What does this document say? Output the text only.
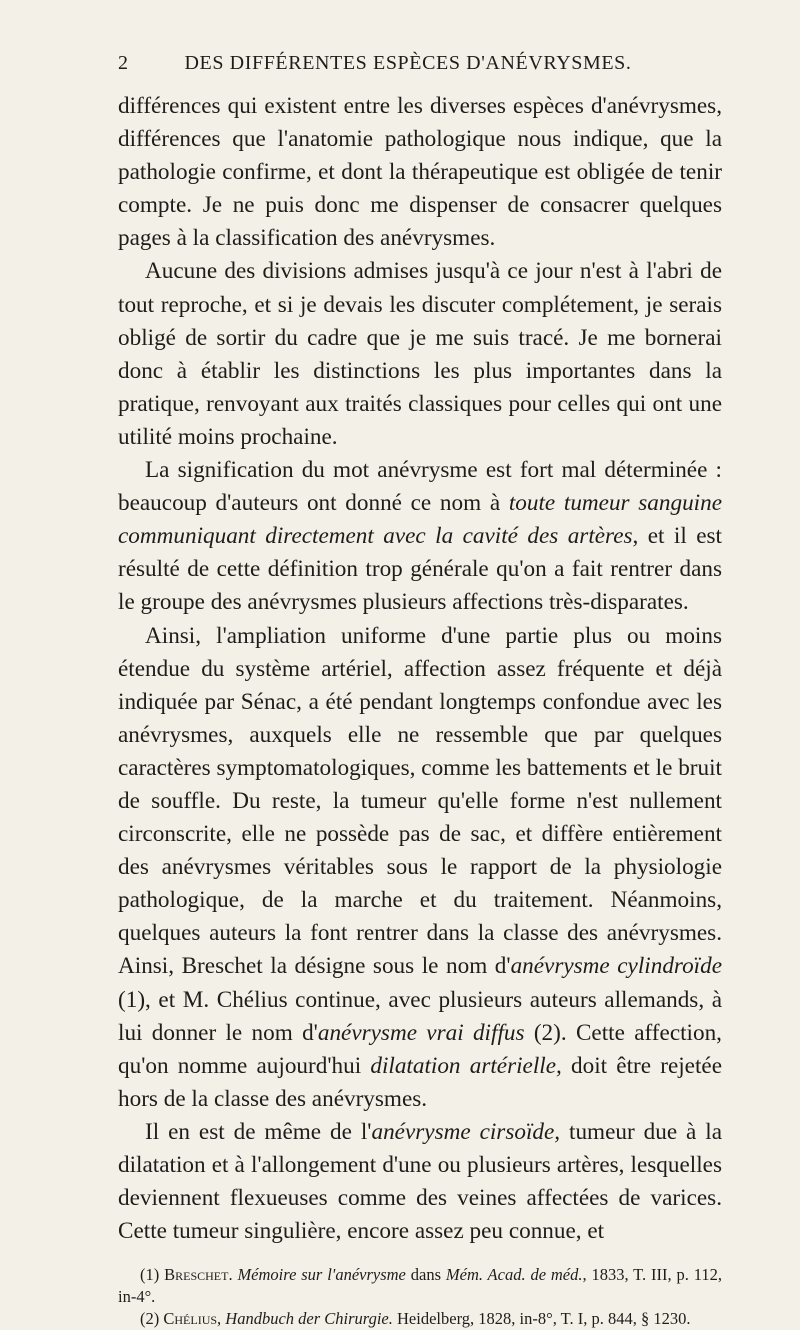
2	DES DIFFÉRENTES ESPÈCES D'ANÉVRYSMES.

différences qui existent entre les diverses espèces d'anévrysmes, différences que l'anatomie pathologique nous indique, que la pathologie confirme, et dont la thérapeutique est obligée de tenir compte. Je ne puis donc me dispenser de consacrer quelques pages à la classification des anévrysmes.

Aucune des divisions admises jusqu'à ce jour n'est à l'abri de tout reproche, et si je devais les discuter complétement, je serais obligé de sortir du cadre que je me suis tracé. Je me bornerai donc à établir les distinctions les plus importantes dans la pratique, renvoyant aux traités classiques pour celles qui ont une utilité moins prochaine.

La signification du mot anévrysme est fort mal déterminée : beaucoup d'auteurs ont donné ce nom à toute tumeur sanguine communiquant directement avec la cavité des artères, et il est résulté de cette définition trop générale qu'on a fait rentrer dans le groupe des anévrysmes plusieurs affections très-disparates.

Ainsi, l'ampliation uniforme d'une partie plus ou moins étendue du système artériel, affection assez fréquente et déjà indiquée par Sénac, a été pendant longtemps confondue avec les anévrysmes, auxquels elle ne ressemble que par quelques caractères symptomatologiques, comme les battements et le bruit de souffle. Du reste, la tumeur qu'elle forme n'est nullement circonscrite, elle ne possède pas de sac, et diffère entièrement des anévrysmes véritables sous le rapport de la physiologie pathologique, de la marche et du traitement. Néanmoins, quelques auteurs la font rentrer dans la classe des anévrysmes. Ainsi, Breschet la désigne sous le nom d'anévrysme cylindroïde (1), et M. Chélius continue, avec plusieurs auteurs allemands, à lui donner le nom d'anévrysme vrai diffus (2). Cette affection, qu'on nomme aujourd'hui dilatation artérielle, doit être rejetée hors de la classe des anévrysmes.

Il en est de même de l'anévrysme cirsoïde, tumeur due à la dilatation et à l'allongement d'une ou plusieurs artères, lesquelles deviennent flexueuses comme des veines affectées de varices. Cette tumeur singulière, encore assez peu connue, et

(1) Breschet. Mémoire sur l'anévrysme dans Mém. Acad. de méd., 1833, T. III, p. 112, in-4°.

(2) Chélius, Handbuch der Chirurgie. Heidelberg, 1828, in-8°, T. I, p. 844, § 1230.
